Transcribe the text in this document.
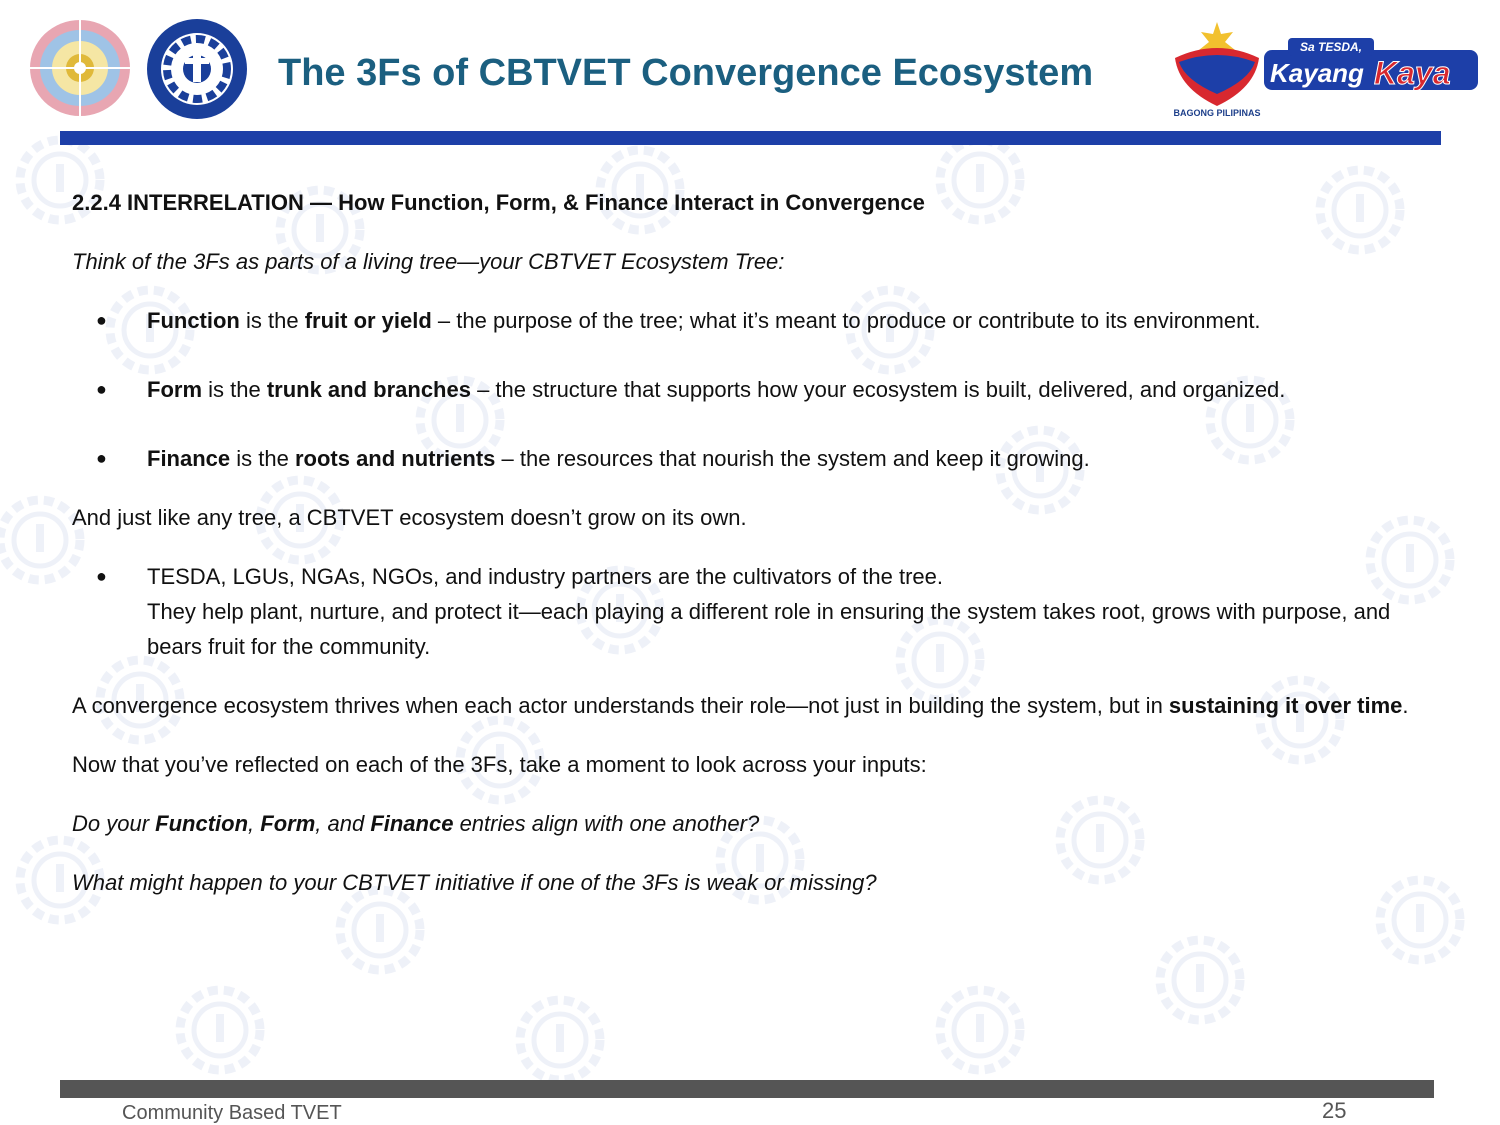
The 3Fs of CBTVET Convergence Ecosystem
BAGONG PILIPINAS
Sa TESDA,
Kayang Kaya

2.2.4 INTERRELATION — How Function, Form, & Finance Interact in Convergence

Think of the 3Fs as parts of a living tree—your CBTVET Ecosystem Tree:

● Function is the fruit or yield – the purpose of the tree; what it’s meant to produce or contribute to its environment.
● Form is the trunk and branches – the structure that supports how your ecosystem is built, delivered, and organized.
● Finance is the roots and nutrients – the resources that nourish the system and keep it growing.

And just like any tree, a CBTVET ecosystem doesn’t grow on its own.

● TESDA, LGUs, NGAs, NGOs, and industry partners are the cultivators of the tree.
They help plant, nurture, and protect it—each playing a different role in ensuring the system takes root, grows with purpose, and bears fruit for the community.

A convergence ecosystem thrives when each actor understands their role—not just in building the system, but in sustaining it over time.

Now that you’ve reflected on each of the 3Fs, take a moment to look across your inputs:

Do your Function, Form, and Finance entries align with one another?

What might happen to your CBTVET initiative if one of the 3Fs is weak or missing?

Community Based TVET	25
